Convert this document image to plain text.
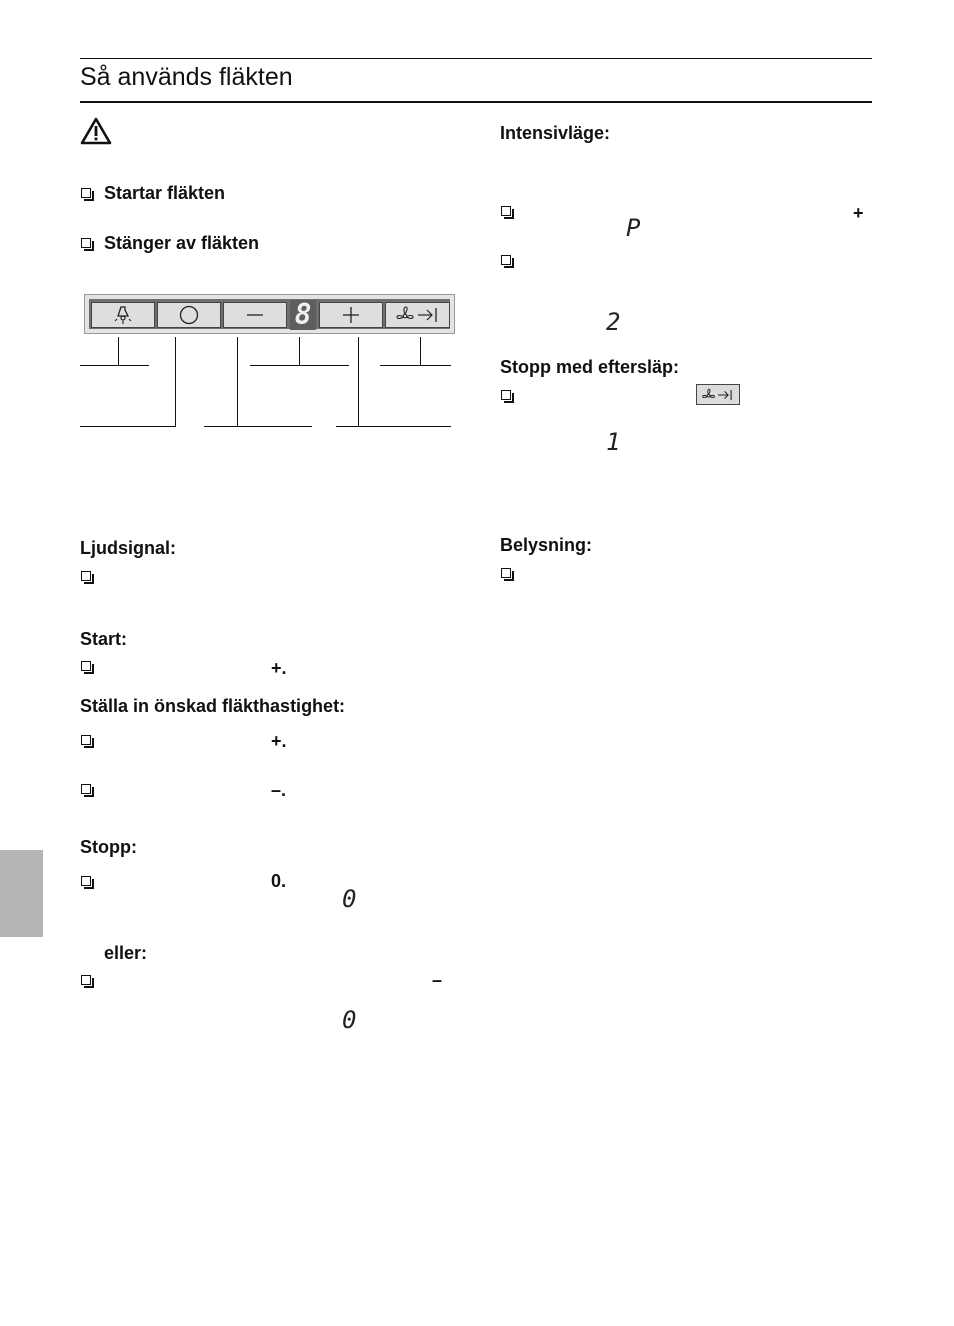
Så används fläkten
Startar fläkten
Stänger av fläkten
8
Ljudsignal:
Start:
+.
Ställa in önskad fläkthastighet:
+.
–.
Stopp:
0.
0
eller:
–
0
Intensivläge:
+
P
2
Stopp med eftersläp:
1
Belysning:
